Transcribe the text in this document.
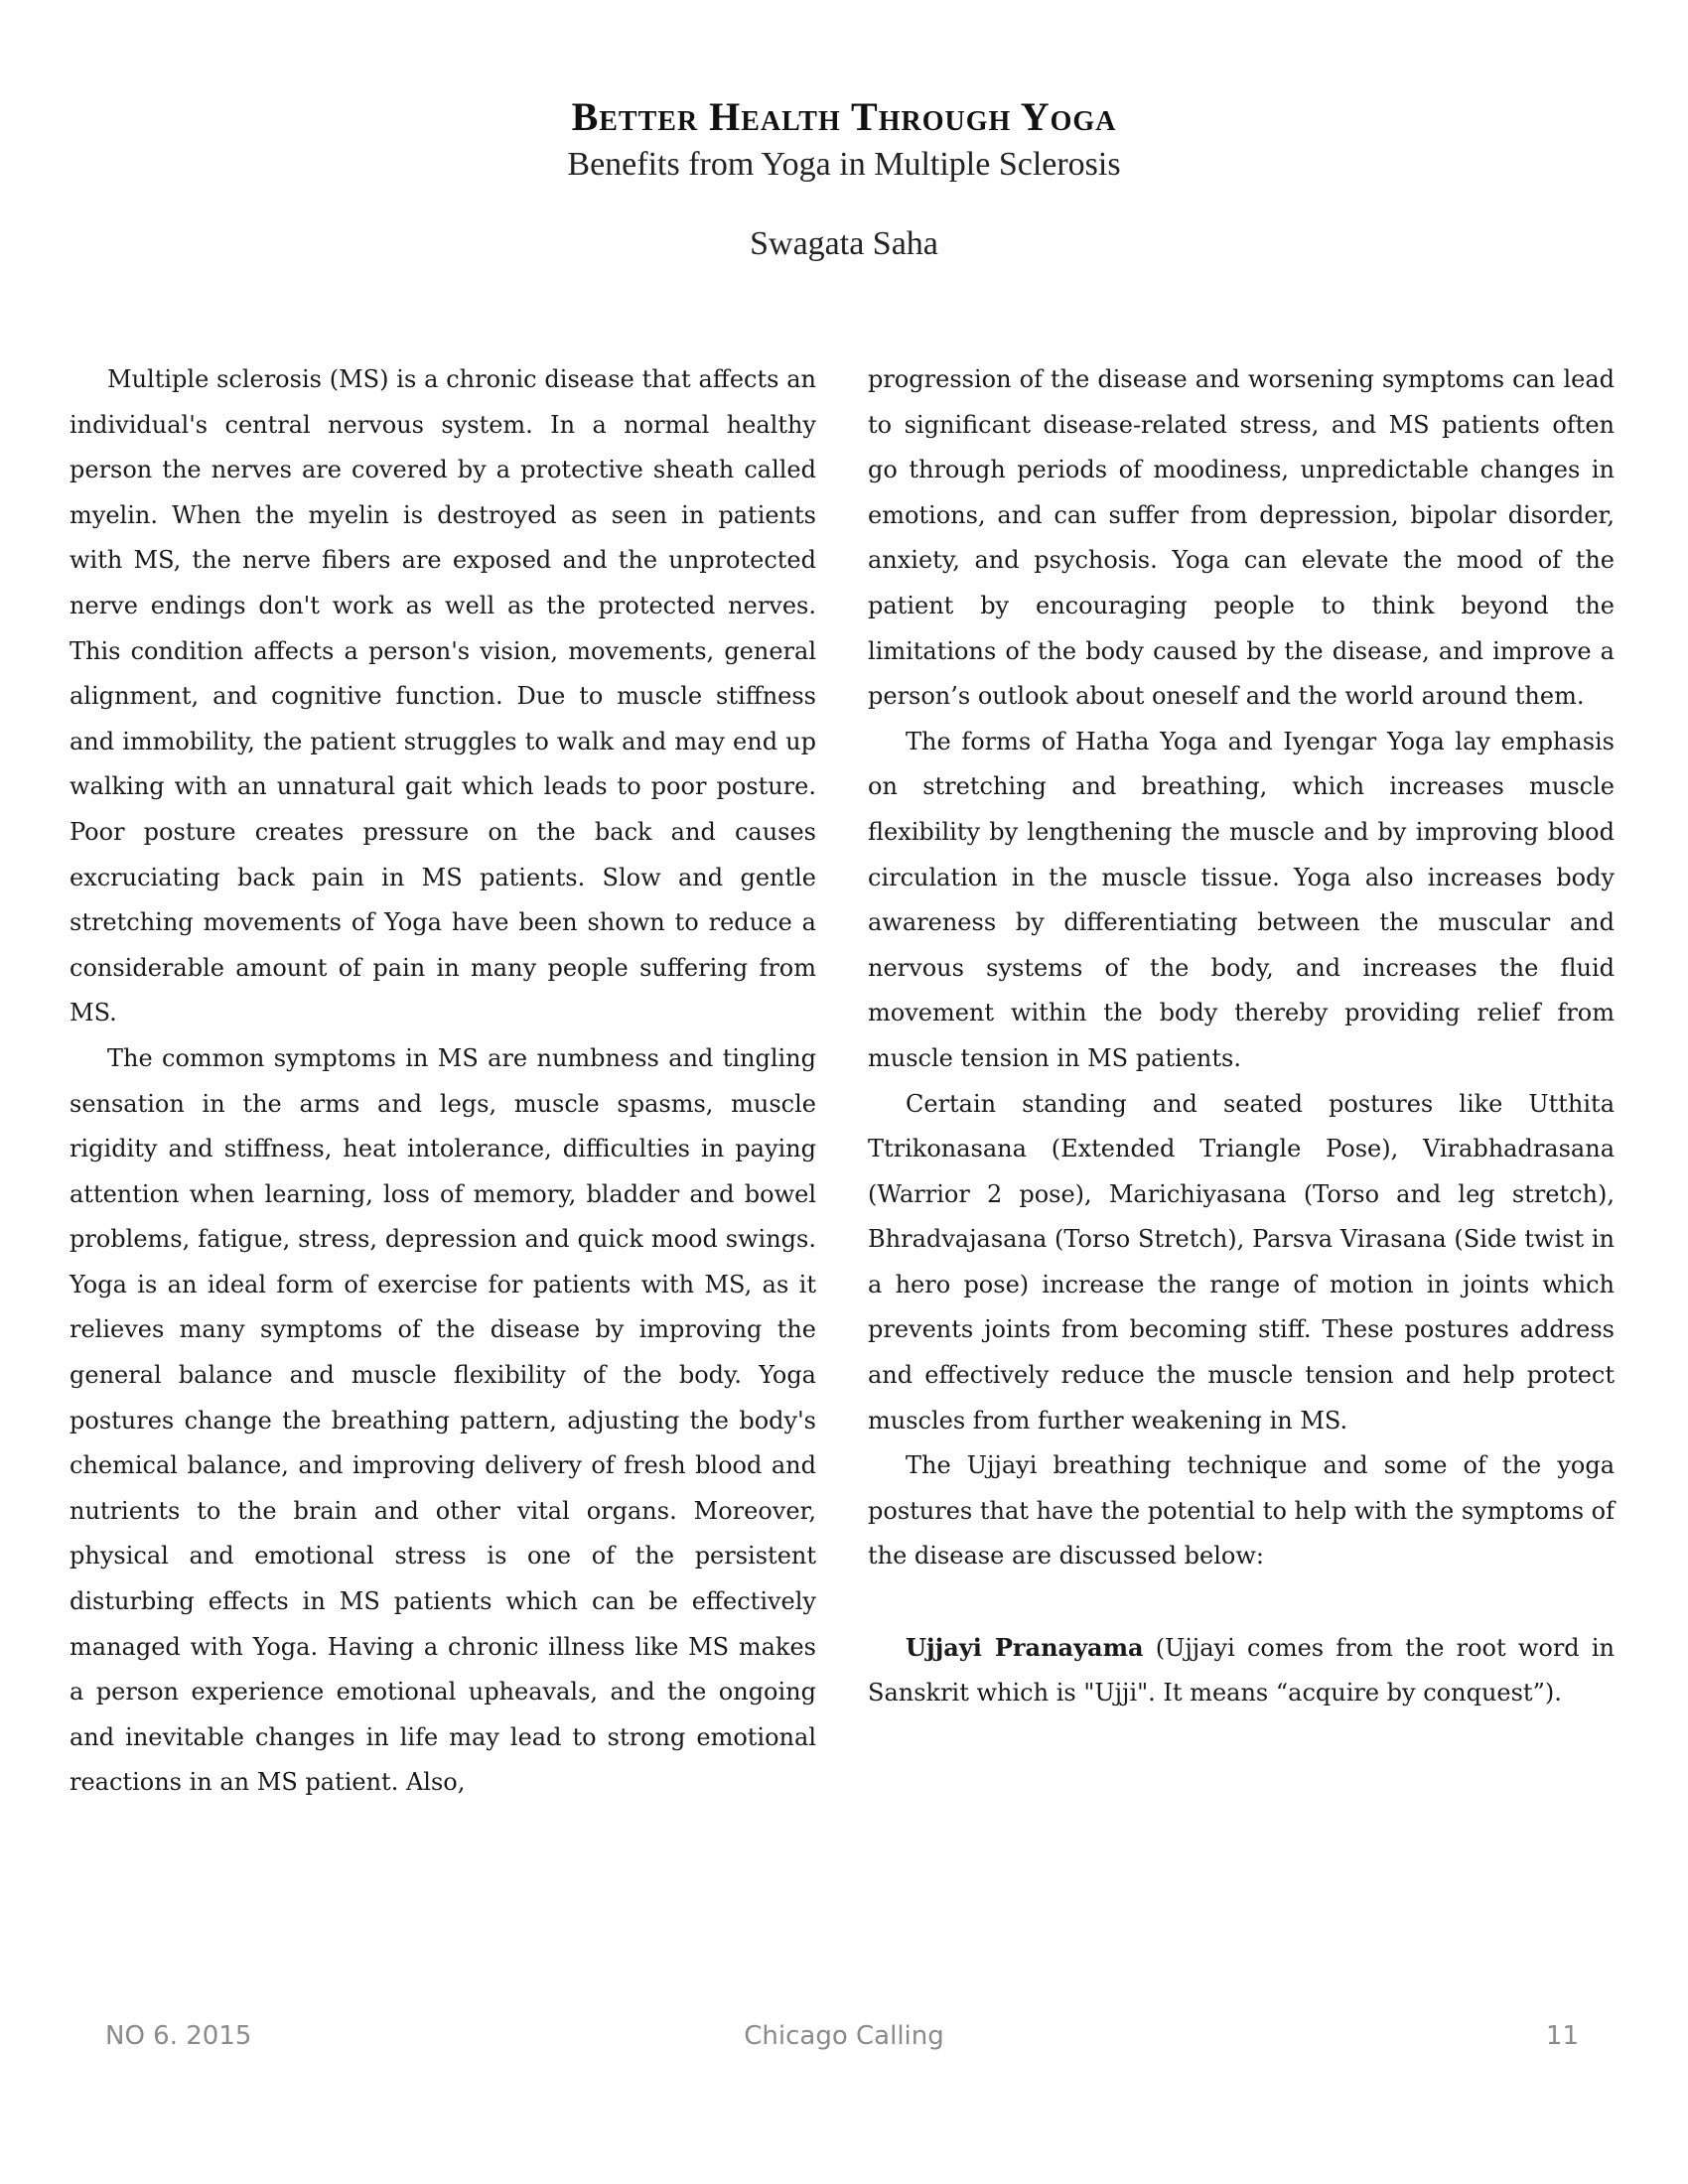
Better Health Through Yoga

Benefits from Yoga in Multiple Sclerosis

Swagata Saha

Multiple sclerosis (MS) is a chronic disease that affects an individual's central nervous system. In a normal healthy person the nerves are covered by a protective sheath called myelin. When the myelin is destroyed as seen in patients with MS, the nerve fibers are exposed and the unprotected nerve endings don't work as well as the protected nerves. This condition affects a person's vision, movements, general alignment, and cognitive function. Due to muscle stiffness and immobility, the patient struggles to walk and may end up walking with an unnatural gait which leads to poor posture. Poor posture creates pressure on the back and causes excruciating back pain in MS patients. Slow and gentle stretching movements of Yoga have been shown to reduce a considerable amount of pain in many people suffering from MS.

The common symptoms in MS are numbness and tingling sensation in the arms and legs, muscle spasms, muscle rigidity and stiffness, heat intolerance, difficulties in paying attention when learning, loss of memory, bladder and bowel problems, fatigue, stress, depression and quick mood swings. Yoga is an ideal form of exercise for patients with MS, as it relieves many symptoms of the disease by improving the general balance and muscle flexibility of the body. Yoga postures change the breathing pattern, adjusting the body's chemical balance, and improving delivery of fresh blood and nutrients to the brain and other vital organs. Moreover, physical and emotional stress is one of the persistent disturbing effects in MS patients which can be effectively managed with Yoga. Having a chronic illness like MS makes a person experience emotional upheavals, and the ongoing and inevitable changes in life may lead to strong emotional reactions in an MS patient. Also,

progression of the disease and worsening symptoms can lead to significant disease-related stress, and MS patients often go through periods of moodiness, unpredictable changes in emotions, and can suffer from depression, bipolar disorder, anxiety, and psychosis. Yoga can elevate the mood of the patient by encouraging people to think beyond the limitations of the body caused by the disease, and improve a person’s outlook about oneself and the world around them.

The forms of Hatha Yoga and Iyengar Yoga lay emphasis on stretching and breathing, which increases muscle flexibility by lengthening the muscle and by improving blood circulation in the muscle tissue. Yoga also increases body awareness by differentiating between the muscular and nervous systems of the body, and increases the fluid movement within the body thereby providing relief from muscle tension in MS patients.

Certain standing and seated postures like Utthita Ttrikonasana (Extended Triangle Pose), Virabhadrasana (Warrior 2 pose), Marichiyasana (Torso and leg stretch), Bhradvajasana (Torso Stretch), Parsva Virasana (Side twist in a hero pose) increase the range of motion in joints which prevents joints from becoming stiff. These postures address and effectively reduce the muscle tension and help protect muscles from further weakening in MS.

The Ujjayi breathing technique and some of the yoga postures that have the potential to help with the symptoms of the disease are discussed below:

Ujjayi Pranayama (Ujjayi comes from the root word in Sanskrit which is "Ujji". It means “acquire by conquest”).

NO 6. 2015	Chicago Calling	11
